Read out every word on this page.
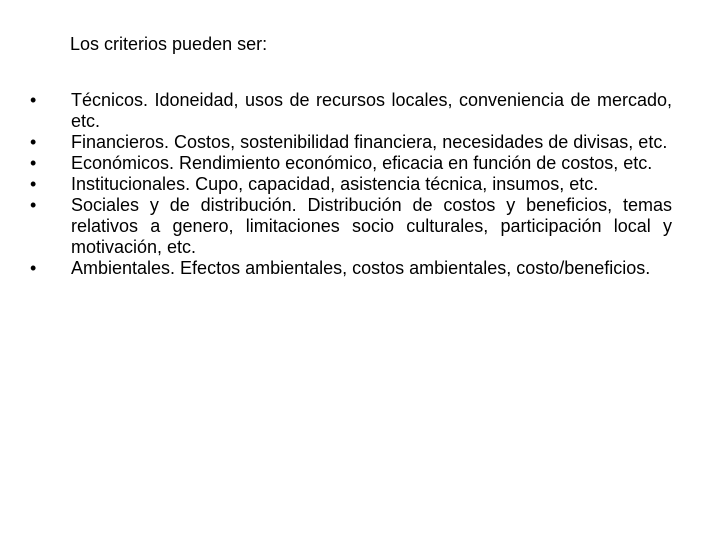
Los criterios pueden ser:
•	Técnicos. Idoneidad, usos de recursos locales, conveniencia de mercado, etc.
•	Financieros. Costos, sostenibilidad financiera, necesidades de divisas, etc.
•	Económicos. Rendimiento económico, eficacia en función de costos, etc.
•	Institucionales. Cupo, capacidad, asistencia técnica, insumos, etc.
•	Sociales y de distribución. Distribución de costos y beneficios, temas relativos a genero, limitaciones socio culturales, participación local y motivación, etc.
•	Ambientales. Efectos ambientales, costos ambientales, costo/beneficios.
